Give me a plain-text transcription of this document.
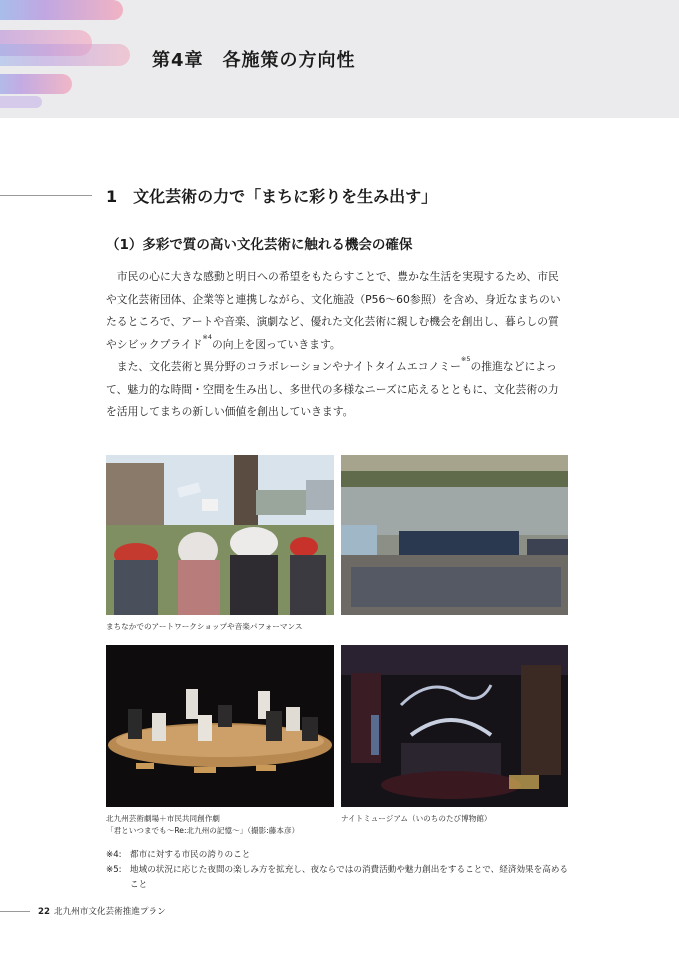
第4章　各施策の方向性
1　文化芸術の力で「まちに彩りを生み出す」
（1）多彩で質の高い文化芸術に触れる機会の確保

市民の心に大きな感動と明日への希望をもたらすことで、豊かな生活を実現するため、市民や文化芸術団体、企業等と連携しながら、文化施設（P56～60参照）を含め、身近なまちのいたるところで、アートや音楽、演劇など、優れた文化芸術に親しむ機会を創出し、暮らしの質やシビックプライド$^{※4}$の向上を図っていきます。

また、文化芸術と異分野のコラボレーションやナイトタイムエコノミー$^{※5}$の推進などによって、魅力的な時間・空間を生み出し、多世代の多様なニーズに応えるとともに、文化芸術の力を活用してまちの新しい価値を創出していきます。

まちなかでのアートワークショップや音楽パフォーマンス
北九州芸術劇場＋市民共同創作劇
「君といつまでも～Re:北九州の記憶～」（撮影:藤本彦）
ナイトミュージアム（いのちのたび博物館）
※4: 都市に対する市民の誇りのこと
※5: 地域の状況に応じた夜間の楽しみ方を拡充し、夜ならではの消費活動や魅力創出をすることで、経済効果を高めること
22 北九州市文化芸術推進プラン
